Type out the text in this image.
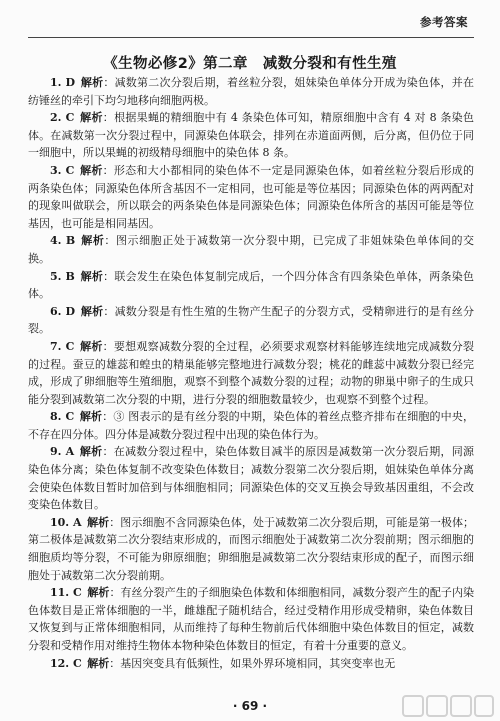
参考答案
《生物必修2》第二章　减数分裂和有性生殖

1. D  解析：减数第二次分裂后期，着丝粒分裂，姐妹染色单体分开成为染色体，并在纺锤丝的牵引下均匀地移向细胞两极。

2. C  解析：根据果蝇的精细胞中有 4 条染色体可知，精原细胞中含有 4 对 8 条染色体。在减数第一次分裂过程中，同源染色体联会，排列在赤道面两侧，后分离，但仍位于同一细胞中，所以果蝇的初级精母细胞中的染色体 8 条。

3. C  解析：形态和大小都相同的染色体不一定是同源染色体，如着丝粒分裂后形成的两条染色体；同源染色体所含基因不一定相同，也可能是等位基因；同源染色体的两两配对的现象叫做联会，所以联会的两条染色体是同源染色体；同源染色体所含的基因可能是等位基因，也可能是相同基因。

4. B  解析：图示细胞正处于减数第一次分裂中期，已完成了非姐妹染色单体间的交换。

5. B  解析：联会发生在染色体复制完成后，一个四分体含有四条染色单体，两条染色体。

6. D  解析：减数分裂是有性生殖的生物产生配子的分裂方式，受精卵进行的是有丝分裂。

7. C  解析：要想观察减数分裂的全过程，必须要求观察材料能够连续地完成减数分裂的过程。蚕豆的雄蕊和蝗虫的精巢能够完整地进行减数分裂；桃花的雌蕊中减数分裂已经完成，形成了卵细胞等生殖细胞，观察不到整个减数分裂的过程；动物的卵巢中卵子的生成只能分裂到减数第二次分裂的中期，进行分裂的细胞数量较少，也观察不到整个过程。

8. C  解析：③ 图表示的是有丝分裂的中期，染色体的着丝点整齐排布在细胞的中央，不存在四分体。四分体是减数分裂过程中出现的染色体行为。

9. A  解析：在减数分裂过程中，染色体数目减半的原因是减数第一次分裂后期，同源染色体分离；染色体复制不改变染色体数目；减数分裂第二次分裂后期，姐妹染色单体分离会使染色体数目暂时加倍到与体细胞相同；同源染色体的交叉互换会导致基因重组，不会改变染色体数目。

10. A  解析：图示细胞不含同源染色体，处于减数第二次分裂后期，可能是第一极体；第二极体是减数第二次分裂结束形成的，而图示细胞处于减数第二次分裂前期；图示细胞的细胞质均等分裂，不可能为卵原细胞；卵细胞是减数第二次分裂结束形成的配子，而图示细胞处于减数第二次分裂前期。

11. C  解析：有丝分裂产生的子细胞染色体数和体细胞相同，减数分裂产生的配子内染色体数目是正常体细胞的一半，雌雄配子随机结合，经过受精作用形成受精卵，染色体数目又恢复到与正常体细胞相同，从而维持了每种生物前后代体细胞中染色体数目的恒定，减数分裂和受精作用对维持生物体本物种染色体数目的恒定，有着十分重要的意义。

12. C  解析：基因突变具有低频性，如果外界环境相同，其突变率也无

· 69 ·
